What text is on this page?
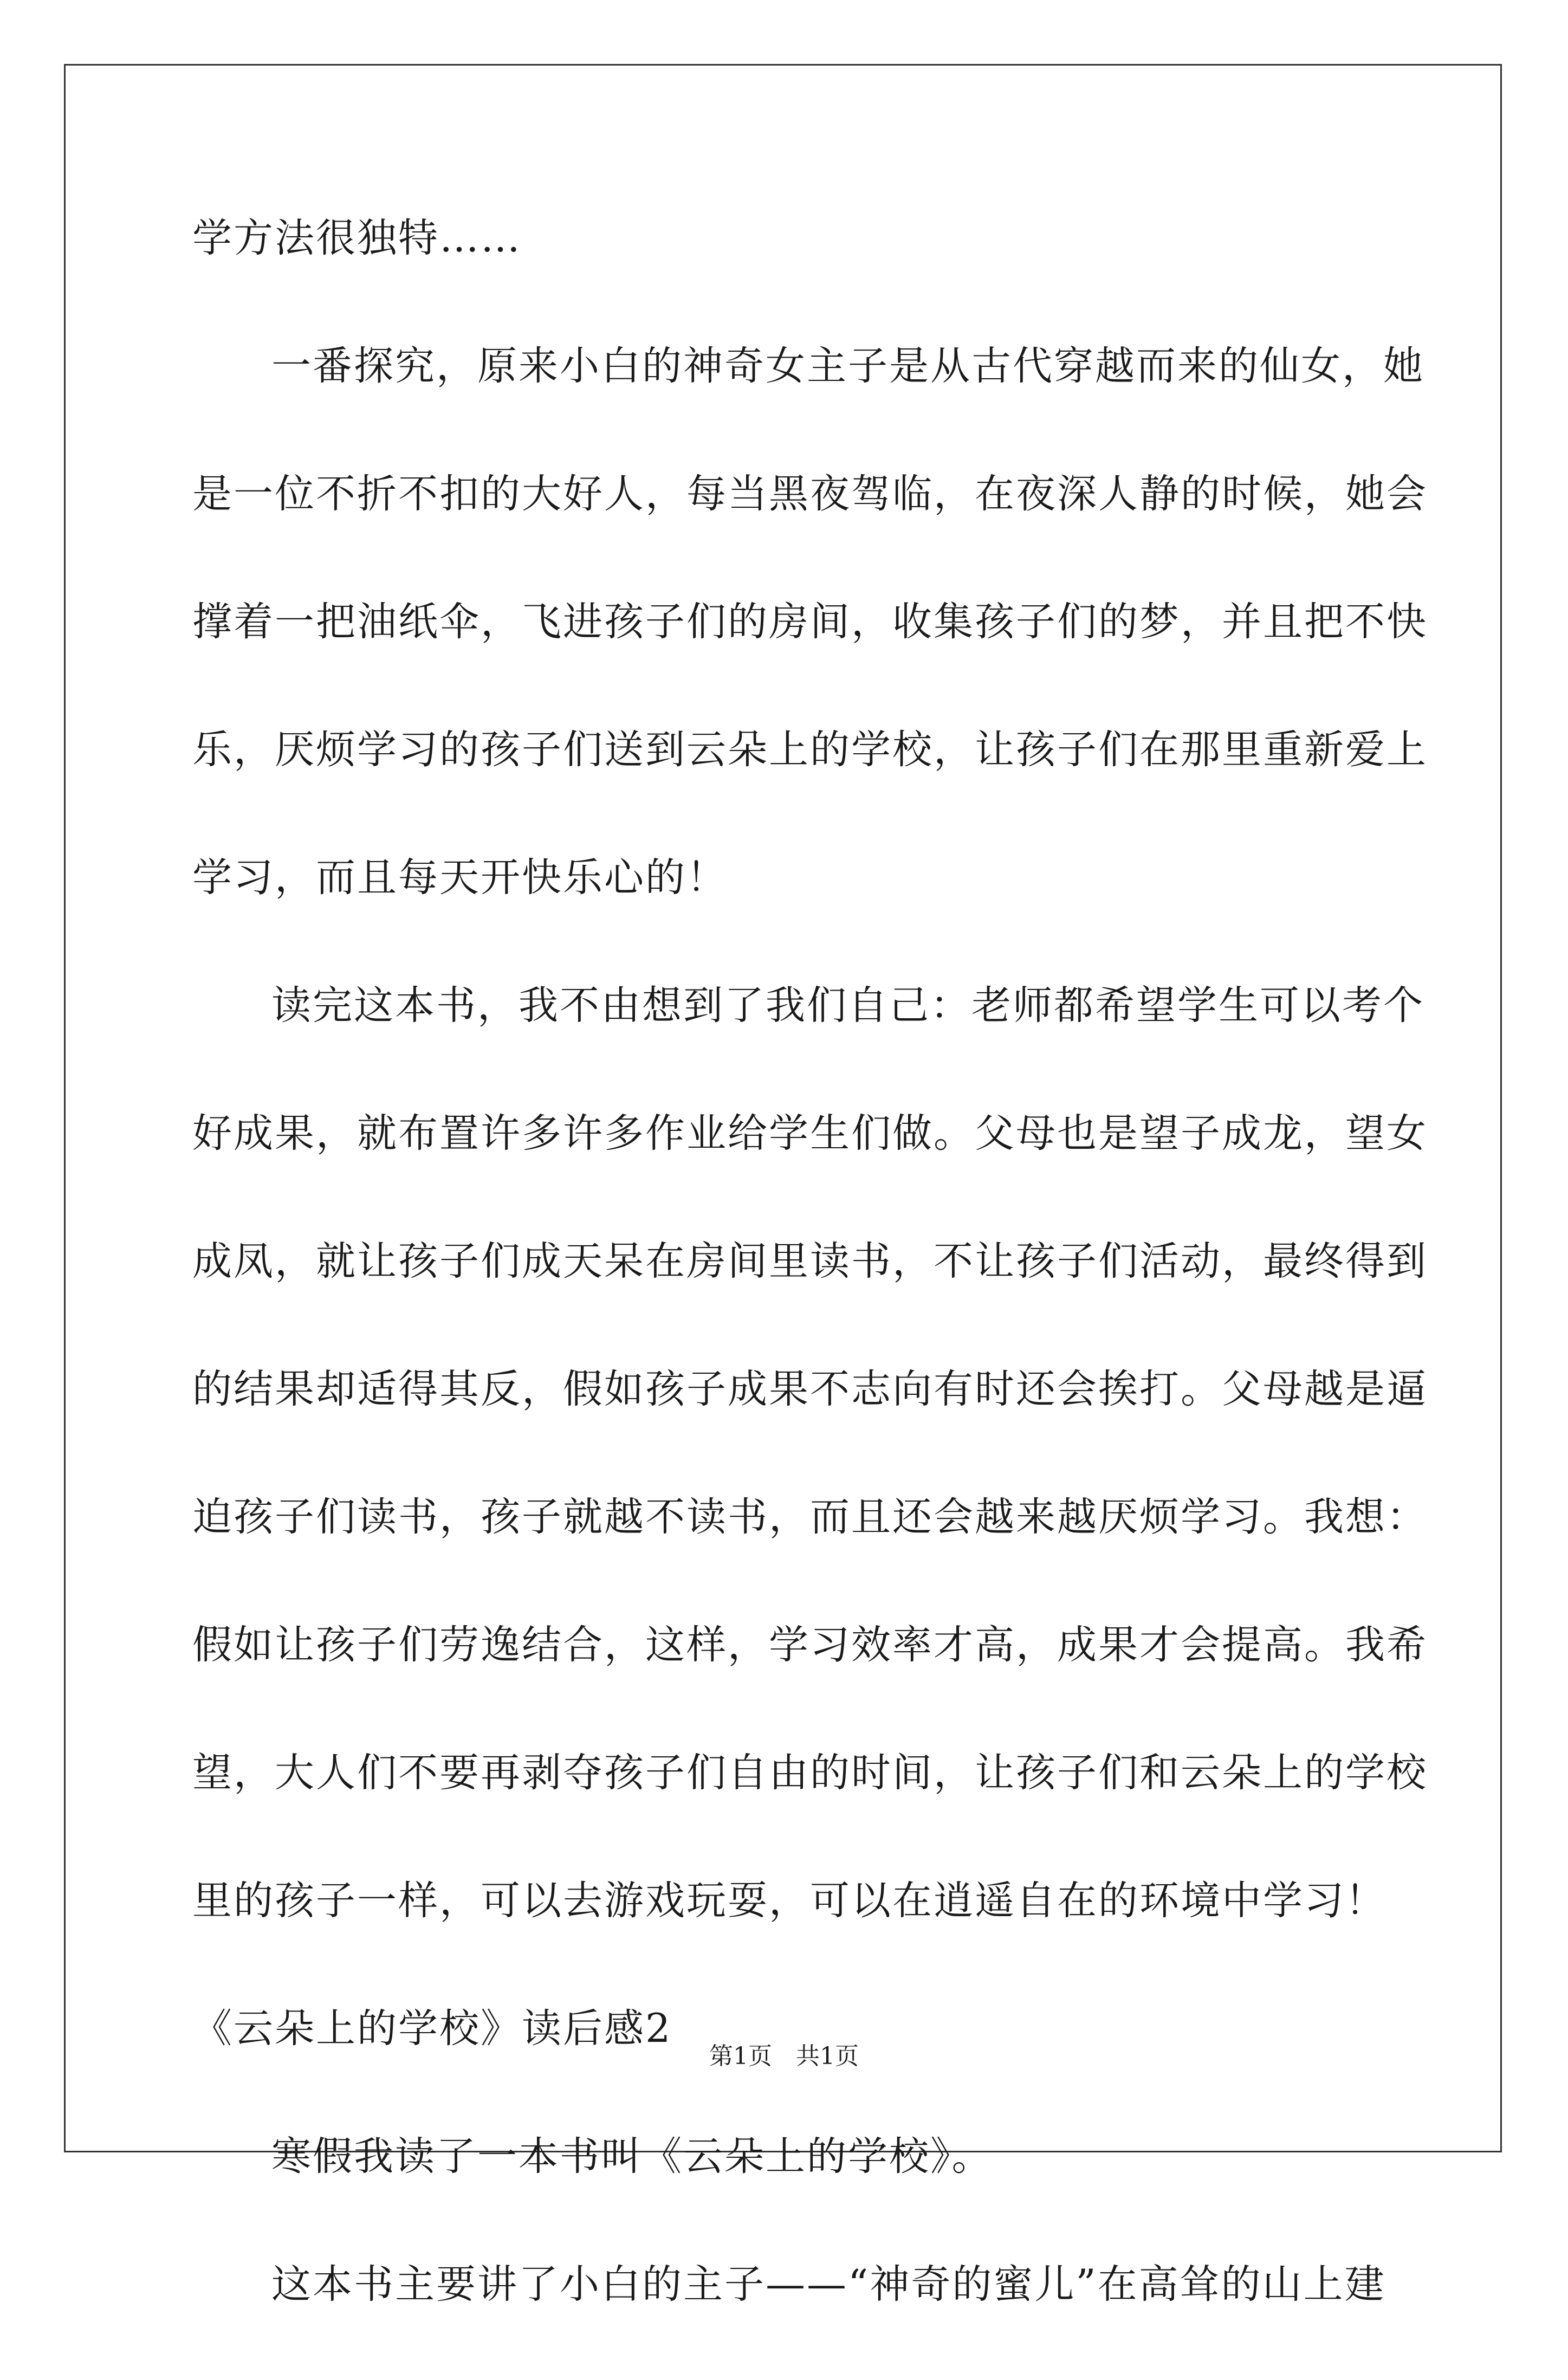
学方法很独特……
一番探究，原来小白的神奇女主子是从古代穿越而来的仙女，她
是一位不折不扣的大好人，每当黑夜驾临，在夜深人静的时候，她会
撑着一把油纸伞，飞进孩子们的房间，收集孩子们的梦，并且把不快
乐，厌烦学习的孩子们送到云朵上的学校，让孩子们在那里重新爱上
学习，而且每天开快乐心的！
读完这本书，我不由想到了我们自己：老师都希望学生可以考个
好成果，就布置许多许多作业给学生们做。父母也是望子成龙，望女
成凤，就让孩子们成天呆在房间里读书，不让孩子们活动，最终得到
的结果却适得其反，假如孩子成果不志向有时还会挨打。父母越是逼
迫孩子们读书，孩子就越不读书，而且还会越来越厌烦学习。我想：
假如让孩子们劳逸结合，这样，学习效率才高，成果才会提高。我希
望，大人们不要再剥夺孩子们自由的时间，让孩子们和云朵上的学校
里的孩子一样，可以去游戏玩耍，可以在逍遥自在的环境中学习！
《云朵上的学校》读后感2
寒假我读了一本书叫《云朵上的学校》。
这本书主要讲了小白的主子——“神奇的蜜儿”在高耸的山上建
第1页　共1页
